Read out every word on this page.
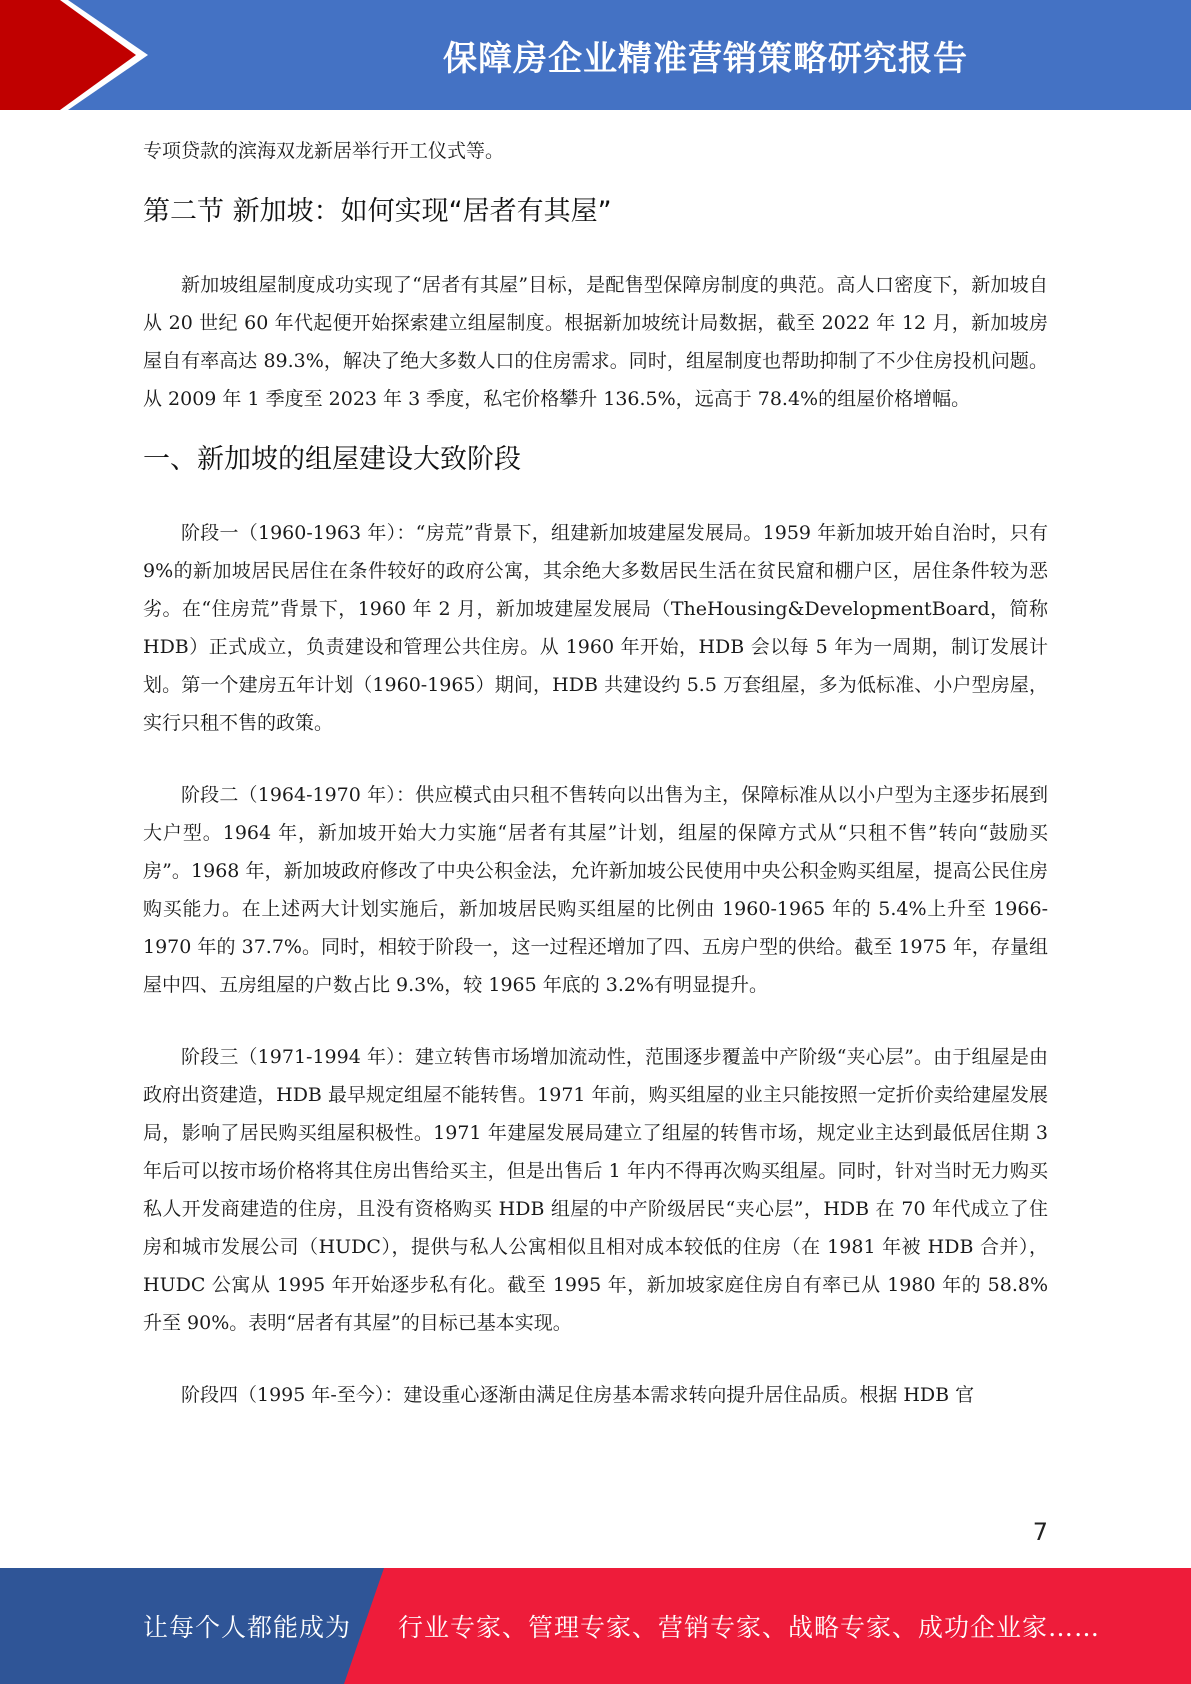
保障房企业精准营销策略研究报告

专项贷款的滨海双龙新居举行开工仪式等。

第二节 新加坡：如何实现“居者有其屋”

新加坡组屋制度成功实现了“居者有其屋”目标，是配售型保障房制度的典范。高人口密度下，新加坡自从 20 世纪 60 年代起便开始探索建立组屋制度。根据新加坡统计局数据，截至 2022 年 12 月，新加坡房屋自有率高达 89.3%，解决了绝大多数人口的住房需求。同时，组屋制度也帮助抑制了不少住房投机问题。从 2009 年 1 季度至 2023 年 3 季度，私宅价格攀升 136.5%，远高于 78.4%的组屋价格增幅。

一、新加坡的组屋建设大致阶段

阶段一（1960-1963 年）：“房荒”背景下，组建新加坡建屋发展局。1959 年新加坡开始自治时，只有 9%的新加坡居民居住在条件较好的政府公寓，其余绝大多数居民生活在贫民窟和棚户区，居住条件较为恶劣。在“住房荒”背景下，1960 年 2 月，新加坡建屋发展局（TheHousing&DevelopmentBoard，简称 HDB）正式成立，负责建设和管理公共住房。从 1960 年开始，HDB 会以每 5 年为一周期，制订发展计划。第一个建房五年计划（1960-1965）期间，HDB 共建设约 5.5 万套组屋，多为低标准、小户型房屋，实行只租不售的政策。

阶段二（1964-1970 年）：供应模式由只租不售转向以出售为主，保障标准从以小户型为主逐步拓展到大户型。1964 年，新加坡开始大力实施“居者有其屋”计划，组屋的保障方式从“只租不售”转向“鼓励买房”。1968 年，新加坡政府修改了中央公积金法，允许新加坡公民使用中央公积金购买组屋，提高公民住房购买能力。在上述两大计划实施后，新加坡居民购买组屋的比例由 1960-1965 年的 5.4%上升至 1966-1970 年的 37.7%。同时，相较于阶段一，这一过程还增加了四、五房户型的供给。截至 1975 年，存量组屋中四、五房组屋的户数占比 9.3%，较 1965 年底的 3.2%有明显提升。

阶段三（1971-1994 年）：建立转售市场增加流动性，范围逐步覆盖中产阶级“夹心层”。由于组屋是由政府出资建造，HDB 最早规定组屋不能转售。1971 年前，购买组屋的业主只能按照一定折价卖给建屋发展局，影响了居民购买组屋积极性。1971 年建屋发展局建立了组屋的转售市场，规定业主达到最低居住期 3 年后可以按市场价格将其住房出售给买主，但是出售后 1 年内不得再次购买组屋。同时，针对当时无力购买私人开发商建造的住房，且没有资格购买 HDB 组屋的中产阶级居民“夹心层”，HDB 在 70 年代成立了住房和城市发展公司（HUDC），提供与私人公寓相似且相对成本较低的住房（在 1981 年被 HDB 合并），HUDC 公寓从 1995 年开始逐步私有化。截至 1995 年，新加坡家庭住房自有率已从 1980 年的 58.8%升至 90%。表明“居者有其屋”的目标已基本实现。

阶段四（1995 年-至今）：建设重心逐渐由满足住房基本需求转向提升居住品质。根据 HDB 官

7
让每个人都能成为 行业专家、管理专家、营销专家、战略专家、成功企业家……
